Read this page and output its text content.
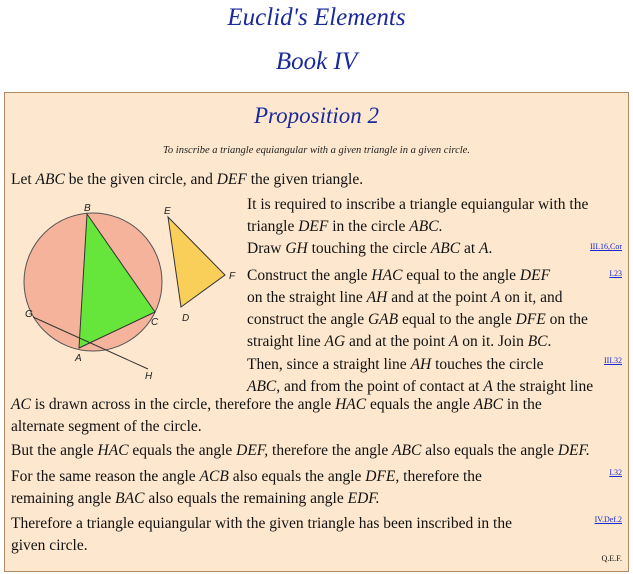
Euclid's Elements
Book IV
Proposition 2
To inscribe a triangle equiangular with a given triangle in a given circle.
B
A
C
E
F
D
G
H
Let ABC be the given circle, and DEF the given triangle.
It is required to inscribe a triangle equiangular with the
triangle DEF in the circle ABC.
Draw GH touching the circle ABC at A.	III.16,Cor
Construct the angle HAC equal to the angle DEF
on the straight line AH and at the point A on it, and
construct the angle GAB equal to the angle DFE on the
straight line AG and at the point A on it. Join BC.
I.23
Then, since a straight line AH touches the circle
ABC, and from the point of contact at A the straight line
III.32
AC is drawn across in the circle, therefore the angle HAC equals the angle ABC in the
alternate segment of the circle.
But the angle HAC equals the angle DEF, therefore the angle ABC also equals the angle DEF.
For the same reason the angle ACB also equals the angle DFE, therefore the
remaining angle BAC also equals the remaining angle EDF.
I.32
Therefore a triangle equiangular with the given triangle has been inscribed in the
given circle.
IV.Def.2
Q.E.F.
